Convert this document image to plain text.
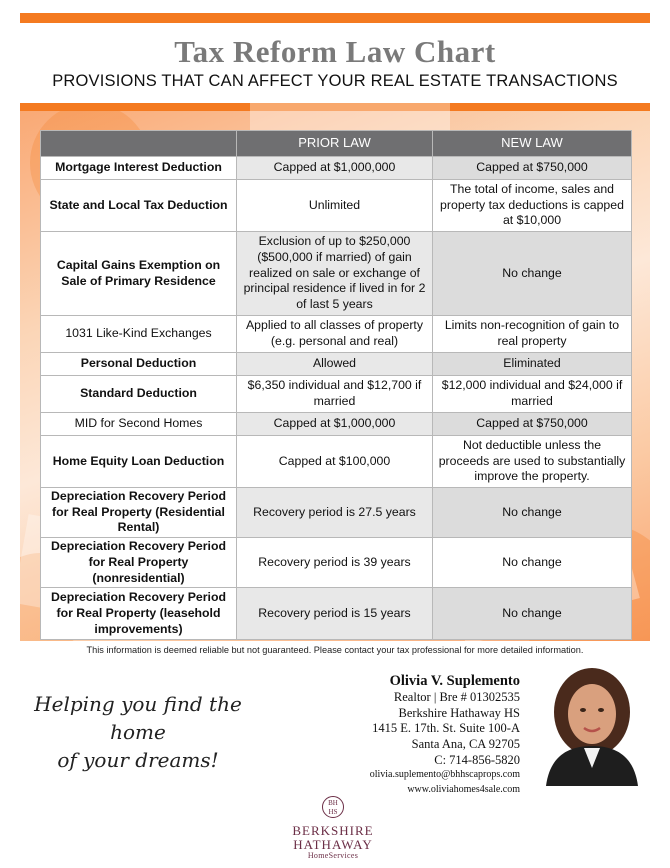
Tax Reform Law Chart
PROVISIONS THAT CAN AFFECT YOUR REAL ESTATE TRANSACTIONS
	PRIOR LAW	NEW LAW
Mortgage Interest Deduction	Capped at $1,000,000	Capped at $750,000
State and Local Tax Deduction	Unlimited	The total of income, sales and property tax deductions is capped at $10,000
Capital Gains Exemption on Sale of Primary Residence	Exclusion of up to $250,000 ($500,000 if married) of gain realized on sale or exchange of principal residence if lived in for 2 of last 5 years	No change
1031 Like-Kind Exchanges	Applied to all classes of property (e.g. personal and real)	Limits non-recognition of gain to real property
Personal Deduction	Allowed	Eliminated
Standard Deduction	$6,350 individual and $12,700 if married	$12,000 individual and $24,000 if married
MID for Second Homes	Capped at $1,000,000	Capped at $750,000
Home Equity Loan Deduction	Capped at $100,000	Not deductible unless the proceeds are used to substantially improve the property.
Depreciation Recovery Period for Real Property (Residential Rental)	Recovery period is 27.5 years	No change
Depreciation Recovery Period for Real Property (nonresidential)	Recovery period is 39 years	No change
Depreciation Recovery Period for Real Property (leasehold improvements)	Recovery period is 15 years	No change
This information is deemed reliable but not guaranteed. Please contact your tax professional for more detailed information.
Helping you find the home
of your dreams!
Olivia V. Suplemento
Realtor | Bre # 01302535
Berkshire Hathaway HS
1415 E. 17th. St. Suite 100-A
Santa Ana, CA 92705
C: 714-856-5820
olivia.suplemento@bhhscaprops.com
www.oliviahomes4sale.com
BH HS
BERKSHIRE
HATHAWAY
HomeServices
